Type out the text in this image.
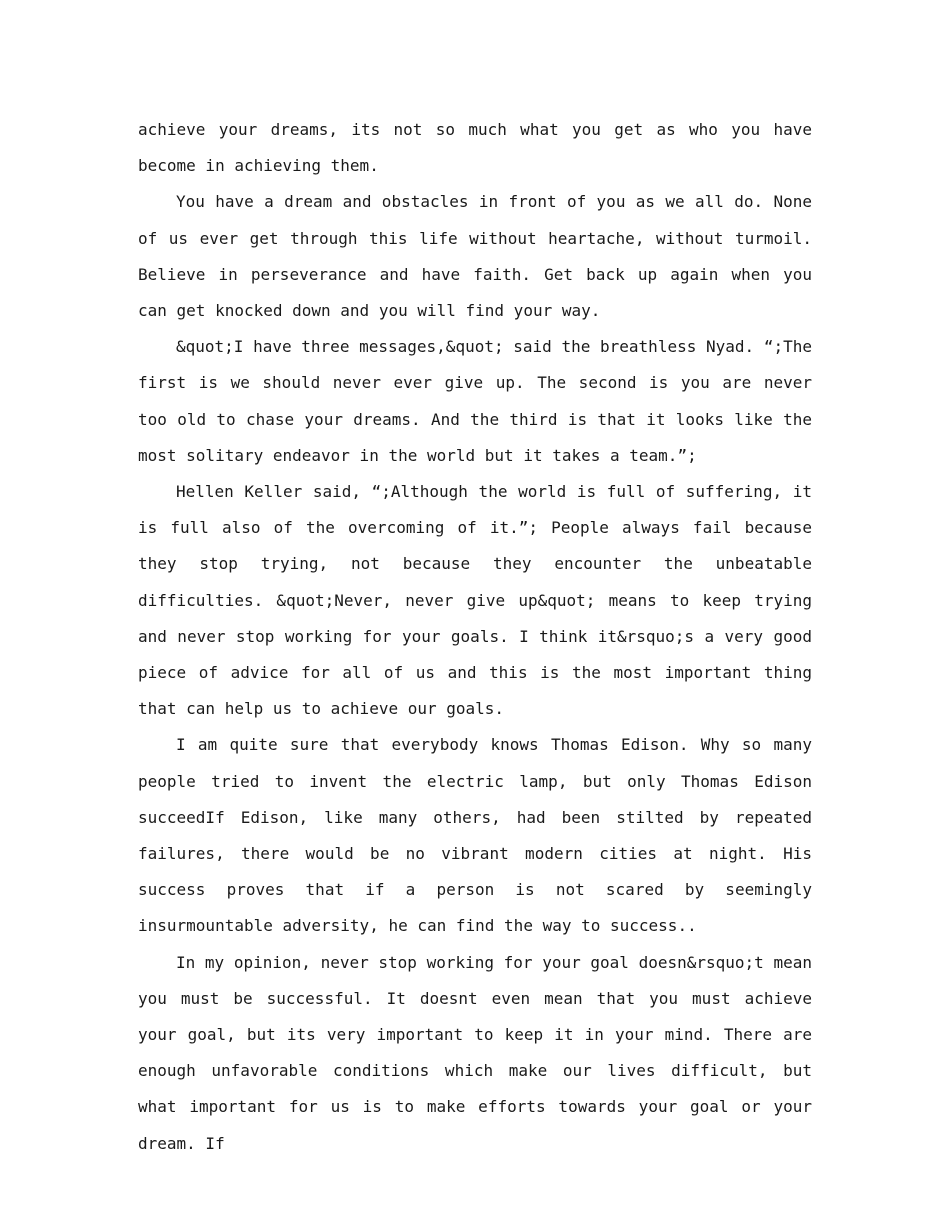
achieve your dreams, its not so much what you get as who you have become in achieving them.

You have a dream and obstacles in front of you as we all do. None of us ever get through this life without heartache, without turmoil. Believe in perseverance and have faith. Get back up again when you can get knocked down and you will find your way.

&quot;I have three messages,&quot; said the breathless Nyad. “;The first is we should never ever give up. The second is you are never too old to chase your dreams. And the third is that it looks like the most solitary endeavor in the world but it takes a team.”;

Hellen Keller said, “;Although the world is full of suffering, it is full also of the overcoming of it.”; People always fail because they stop trying, not because they encounter the unbeatable difficulties. &quot;Never, never give up&quot; means to keep trying and never stop working for your goals. I think it&rsquo;s a very good piece of advice for all of us and this is the most important thing that can help us to achieve our goals.

I am quite sure that everybody knows Thomas Edison. Why so many people tried to invent the electric lamp, but only Thomas Edison succeedIf Edison, like many others, had been stilted by repeated failures, there would be no vibrant modern cities at night. His success proves that if a person is not scared by seemingly insurmountable adversity, he can find the way to success..

In my opinion, never stop working for your goal doesn&rsquo;t mean you must be successful. It doesnt even mean that you must achieve your goal, but its very important to keep it in your mind. There are enough unfavorable conditions which make our lives difficult, but what important for us is to make efforts towards your goal or your dream. If
